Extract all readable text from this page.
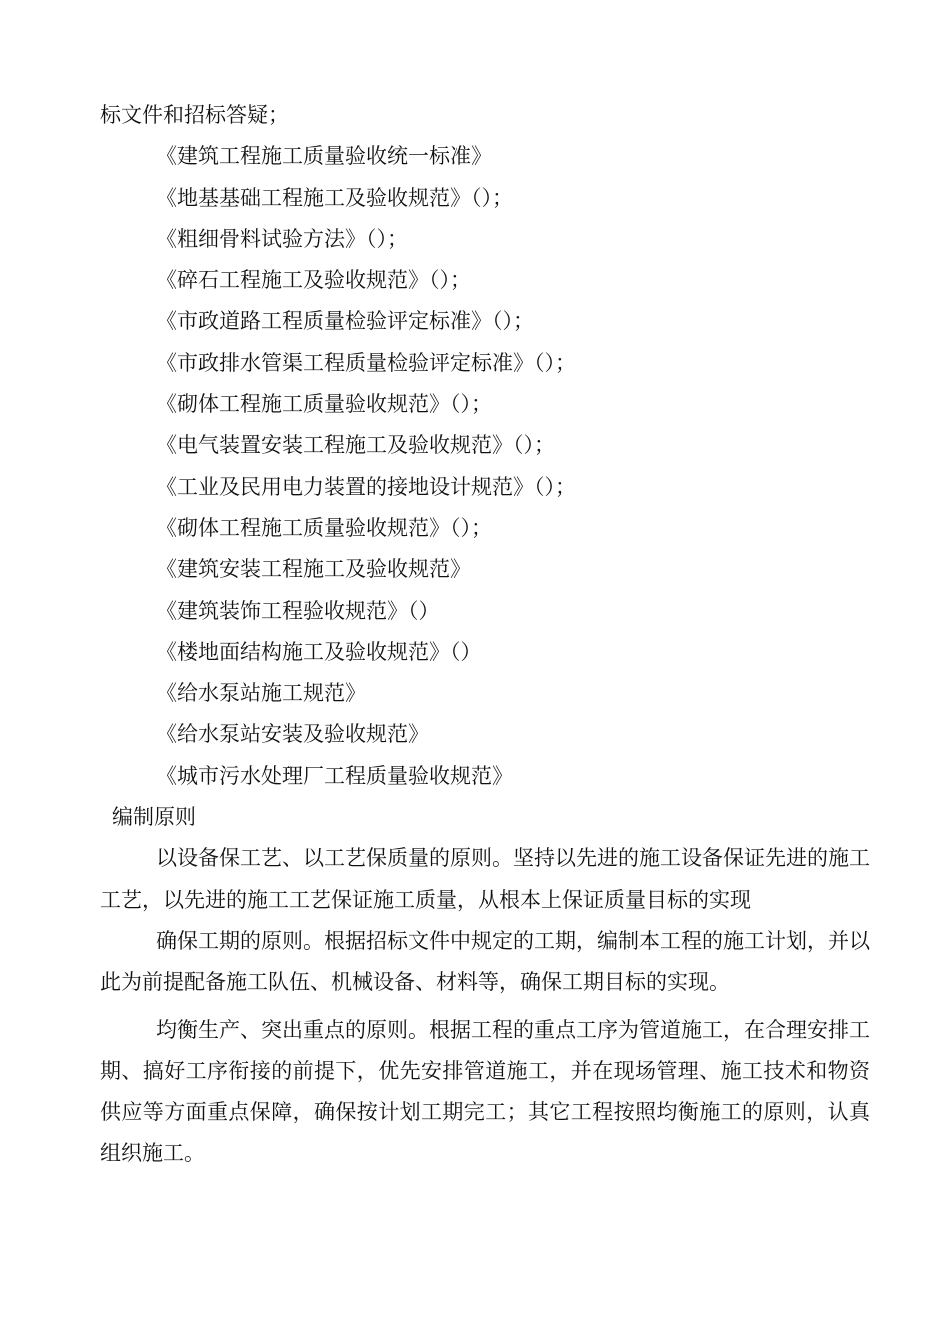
标文件和招标答疑；
《建筑工程施工质量验收统一标准》
《地基基础工程施工及验收规范》（）；
《粗细骨料试验方法》（）；
《碎石工程施工及验收规范》（）；
《市政道路工程质量检验评定标准》（）；
《市政排水管渠工程质量检验评定标准》（）；
《砌体工程施工质量验收规范》（）；
《电气装置安装工程施工及验收规范》（）；
《工业及民用电力装置的接地设计规范》（）；
《砌体工程施工质量验收规范》（）；
《建筑安装工程施工及验收规范》
《建筑装饰工程验收规范》（）
《楼地面结构施工及验收规范》（）
《给水泵站施工规范》
《给水泵站安装及验收规范》
《城市污水处理厂工程质量验收规范》
编制原则

以设备保工艺、以工艺保质量的原则。坚持以先进的施工设备保证先进的施工工艺，以先进的施工工艺保证施工质量，从根本上保证质量目标的实现

确保工期的原则。根据招标文件中规定的工期，编制本工程的施工计划，并以此为前提配备施工队伍、机械设备、材料等，确保工期目标的实现。

均衡生产、突出重点的原则。根据工程的重点工序为管道施工，在合理安排工期、搞好工序衔接的前提下，优先安排管道施工，并在现场管理、施工技术和物资供应等方面重点保障，确保按计划工期完工；其它工程按照均衡施工的原则，认真组织施工。
